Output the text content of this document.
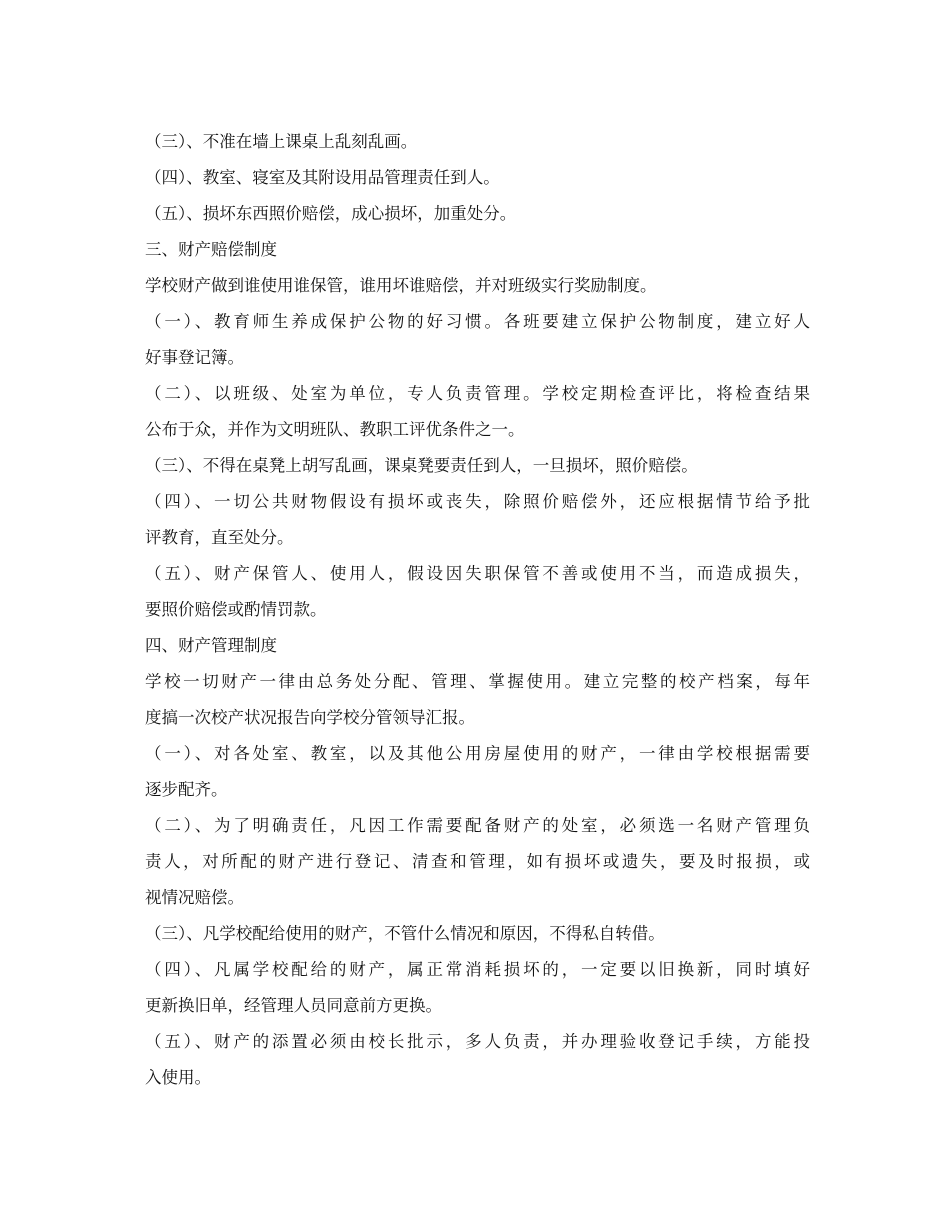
（三）、不准在墙上课桌上乱刻乱画。
（四）、教室、寝室及其附设用品管理责任到人。
（五）、损坏东西照价赔偿，成心损坏，加重处分。
三、财产赔偿制度
学校财产做到谁使用谁保管，谁用坏谁赔偿，并对班级实行奖励制度。
（一）、教育师生养成保护公物的好习惯。各班要建立保护公物制度，建立好人
好事登记簿。
（二）、以班级、处室为单位，专人负责管理。学校定期检查评比，将检查结果
公布于众，并作为文明班队、教职工评优条件之一。
（三）、不得在桌凳上胡写乱画，课桌凳要责任到人，一旦损坏，照价赔偿。
（四）、一切公共财物假设有损坏或丧失，除照价赔偿外，还应根据情节给予批
评教育，直至处分。
（五）、财产保管人、使用人，假设因失职保管不善或使用不当，而造成损失，
要照价赔偿或酌情罚款。
四、财产管理制度
学校一切财产一律由总务处分配、管理、掌握使用。建立完整的校产档案，每年
度搞一次校产状况报告向学校分管领导汇报。
（一）、对各处室、教室，以及其他公用房屋使用的财产，一律由学校根据需要
逐步配齐。
（二）、为了明确责任，凡因工作需要配备财产的处室，必须选一名财产管理负
责人，对所配的财产进行登记、清查和管理，如有损坏或遗失，要及时报损，或
视情况赔偿。
（三）、凡学校配给使用的财产，不管什么情况和原因，不得私自转借。
（四）、凡属学校配给的财产，属正常消耗损坏的，一定要以旧换新，同时填好
更新换旧单，经管理人员同意前方更换。
（五）、财产的添置必须由校长批示，多人负责，并办理验收登记手续，方能投
入使用。
